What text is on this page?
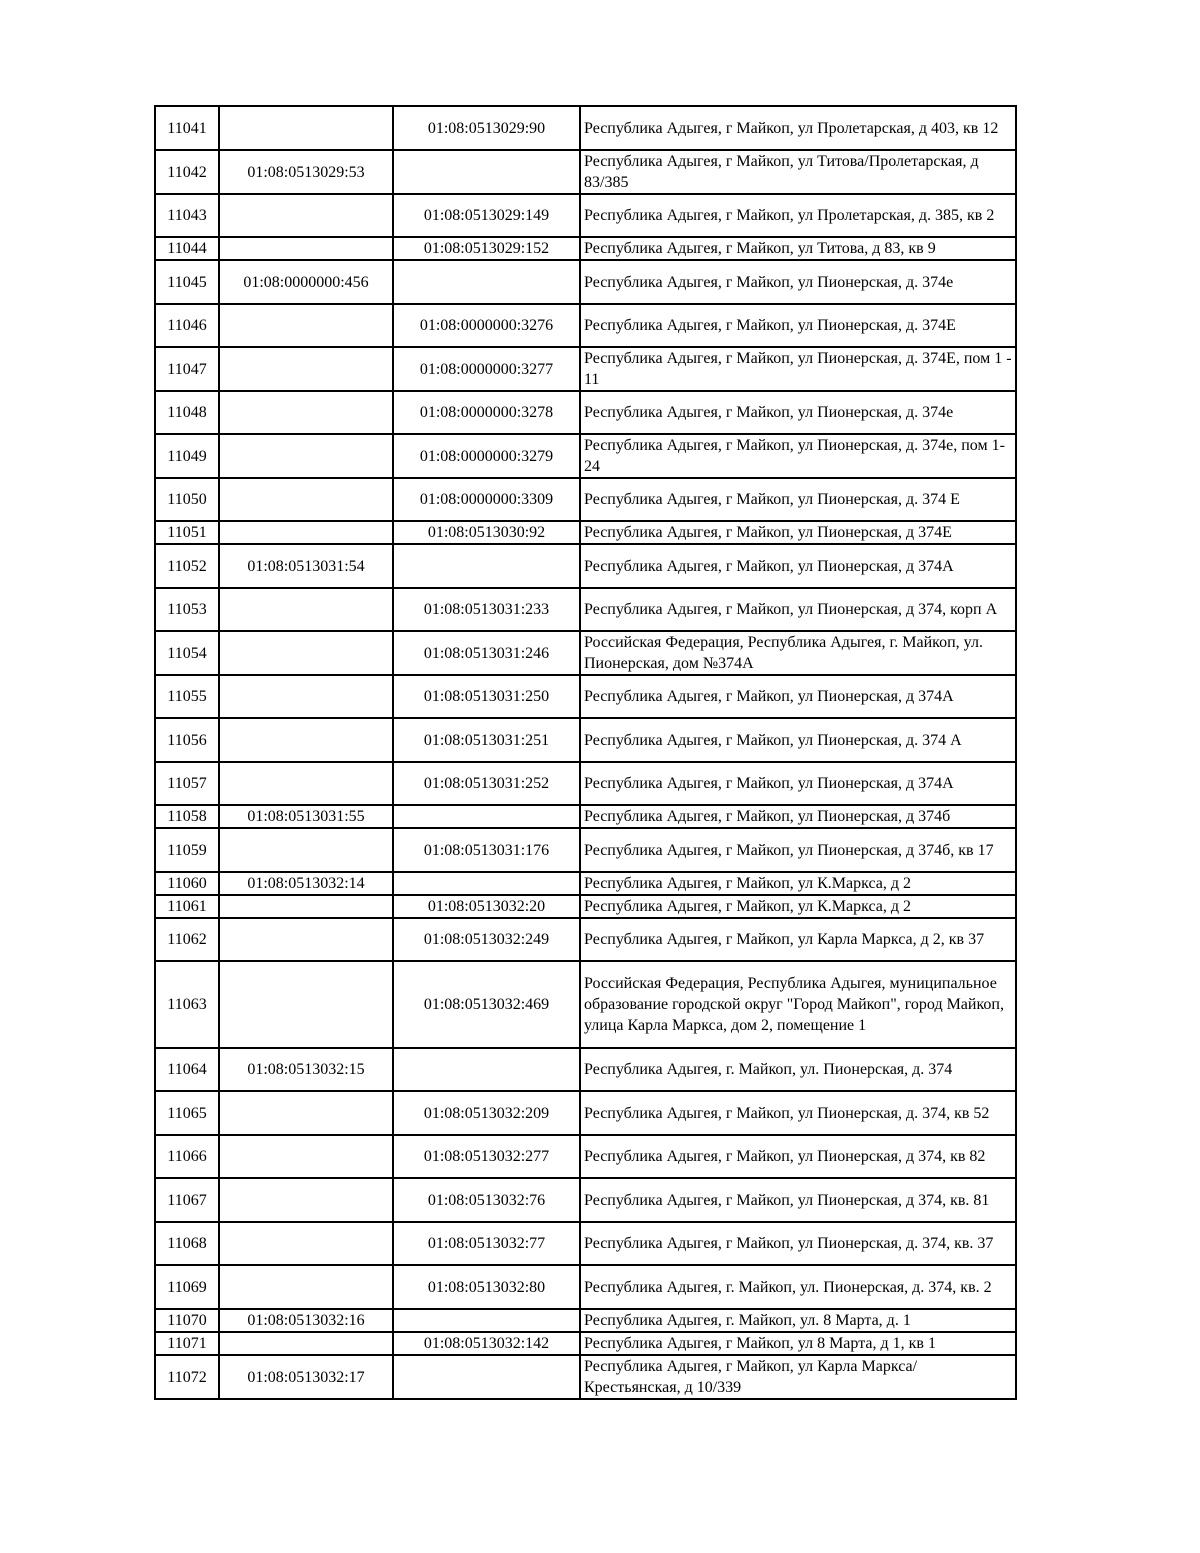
11041		01:08:0513029:90	Республика Адыгея, г Майкоп, ул Пролетарская, д 403, кв 12
11042	01:08:0513029:53		Республика Адыгея, г Майкоп, ул Титова/Пролетарская, д 83/385
11043		01:08:0513029:149	Республика Адыгея, г Майкоп, ул Пролетарская, д. 385, кв 2
11044		01:08:0513029:152	Республика Адыгея, г Майкоп, ул Титова, д 83, кв 9
11045	01:08:0000000:456		Республика Адыгея, г Майкоп, ул Пионерская, д. 374е
11046		01:08:0000000:3276	Республика Адыгея, г Майкоп, ул Пионерская, д. 374Е
11047		01:08:0000000:3277	Республика Адыгея, г Майкоп, ул Пионерская, д. 374Е, пом 1 - 11
11048		01:08:0000000:3278	Республика Адыгея, г Майкоп, ул Пионерская, д. 374е
11049		01:08:0000000:3279	Республика Адыгея, г Майкоп, ул Пионерская, д. 374е, пом 1-24
11050		01:08:0000000:3309	Республика Адыгея, г Майкоп, ул Пионерская, д. 374 Е
11051		01:08:0513030:92	Республика Адыгея, г Майкоп, ул Пионерская, д 374Е
11052	01:08:0513031:54		Республика Адыгея, г Майкоп, ул Пионерская, д 374А
11053		01:08:0513031:233	Республика Адыгея, г Майкоп, ул Пионерская, д 374, корп А
11054		01:08:0513031:246	Российская Федерация, Республика Адыгея, г. Майкоп, ул. Пионерская, дом №374А
11055		01:08:0513031:250	Республика Адыгея, г Майкоп, ул Пионерская, д 374А
11056		01:08:0513031:251	Республика Адыгея, г Майкоп, ул Пионерская, д. 374 А
11057		01:08:0513031:252	Республика Адыгея, г Майкоп, ул Пионерская, д 374А
11058	01:08:0513031:55		Республика Адыгея, г Майкоп, ул Пионерская, д 374б
11059		01:08:0513031:176	Республика Адыгея, г Майкоп, ул Пионерская, д 374б, кв 17
11060	01:08:0513032:14		Республика Адыгея, г Майкоп, ул К.Маркса, д 2
11061		01:08:0513032:20	Республика Адыгея, г Майкоп, ул К.Маркса, д 2
11062		01:08:0513032:249	Республика Адыгея, г Майкоп, ул Карла Маркса, д 2, кв 37
11063		01:08:0513032:469	Российская Федерация, Республика Адыгея, муниципальное образование городской округ "Город Майкоп", город Майкоп, улица Карла Маркса, дом 2, помещение 1
11064	01:08:0513032:15		Республика Адыгея, г. Майкоп, ул. Пионерская, д. 374
11065		01:08:0513032:209	Республика Адыгея, г Майкоп, ул Пионерская, д. 374, кв 52
11066		01:08:0513032:277	Республика Адыгея, г Майкоп, ул Пионерская, д 374, кв 82
11067		01:08:0513032:76	Республика Адыгея, г Майкоп, ул Пионерская, д 374, кв. 81
11068		01:08:0513032:77	Республика Адыгея, г Майкоп, ул Пионерская, д. 374, кв. 37
11069		01:08:0513032:80	Республика Адыгея, г. Майкоп, ул. Пионерская, д. 374, кв. 2
11070	01:08:0513032:16		Республика Адыгея, г. Майкоп, ул. 8 Марта, д. 1
11071		01:08:0513032:142	Республика Адыгея, г Майкоп, ул 8 Марта, д 1, кв 1
11072	01:08:0513032:17		Республика Адыгея, г Майкоп, ул Карла Маркса/Крестьянская, д 10/339
